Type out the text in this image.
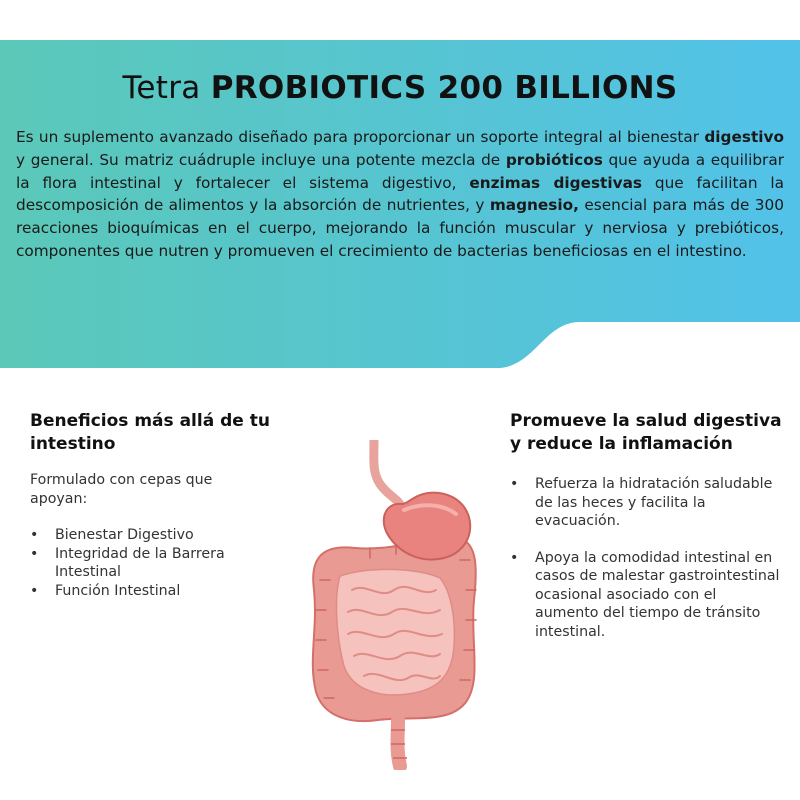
Tetra PROBIOTICS 200 BILLIONS

Es un suplemento avanzado diseñado para proporcionar un soporte integral al bienestar digestivo y general. Su matriz cuádruple incluye una potente mezcla de probióticos que ayuda a equilibrar la flora intestinal y fortalecer el sistema digestivo, enzimas digestivas que facilitan la descomposición de alimentos y la absorción de nutrientes, y magnesio, esencial para más de 300 reacciones bioquímicas en el cuerpo, mejorando la función muscular y nerviosa y prebióticos, componentes que nutren y promueven el crecimiento de bacterias beneficiosas en el intestino.

Beneficios más allá de tu intestino

Formulado con cepas que apoyan:

• Bienestar Digestivo
• Integridad de la Barrera Intestinal
• Función Intestinal
Promueve la salud digestiva y reduce la inflamación
• Refuerza la hidratación saludable de las heces y facilita la evacuación.
• Apoya la comodidad intestinal en casos de malestar gastrointestinal ocasional asociado con el aumento del tiempo de tránsito intestinal.
